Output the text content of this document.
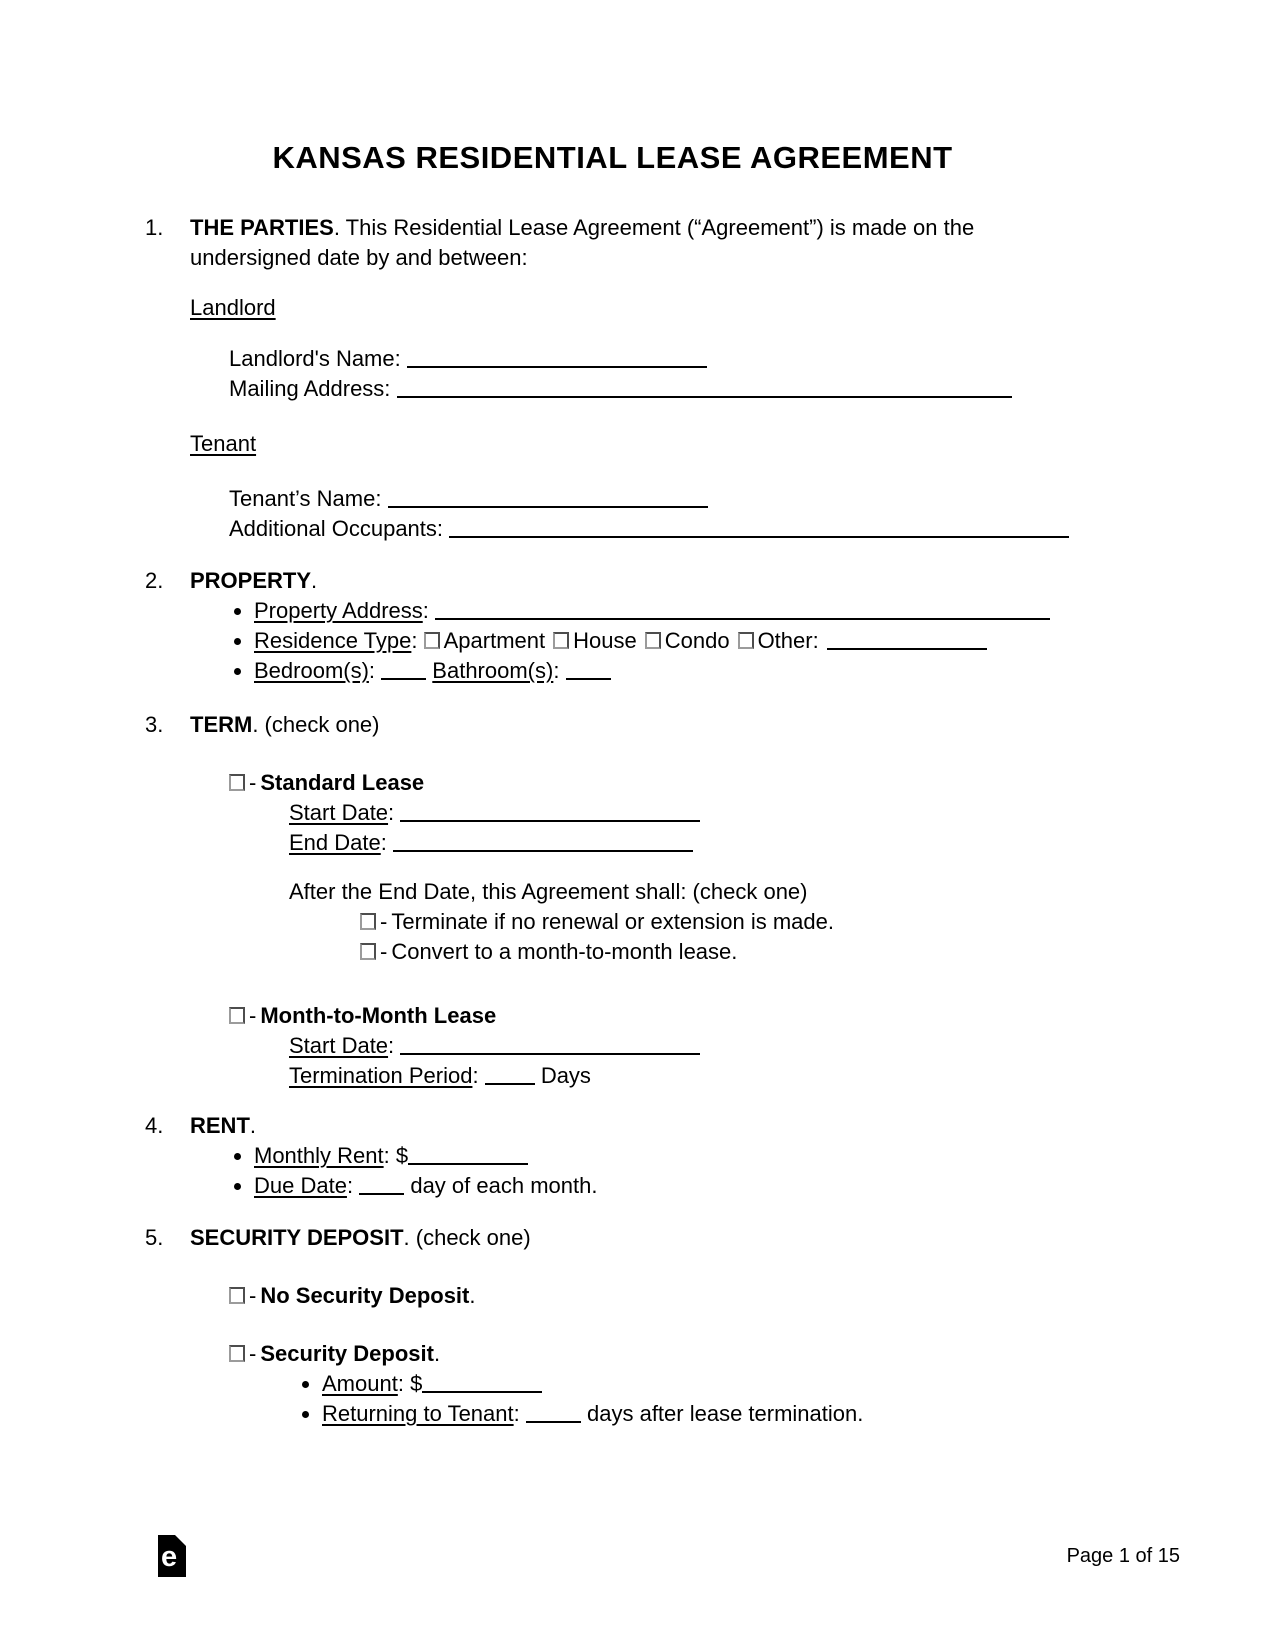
KANSAS RESIDENTIAL LEASE AGREEMENT
1.	THE PARTIES. This Residential Lease Agreement (“Agreement”) is made on the undersigned date by and between:

Landlord

Landlord's Name:

Mailing Address:

Tenant

Tenant’s Name:

Additional Occupants:

2.	PROPERTY.

• Property Address:
• Residence Type: Apartment House Condo Other:
• Bedroom(s):	Bathroom(s):
3.	TERM. (check one)

- Standard Lease

Start Date:

End Date:

After the End Date, this Agreement shall: (check one)

- Terminate if no renewal or extension is made.

- Convert to a month-to-month lease.

- Month-to-Month Lease

Start Date:

Termination Period:	Days

4.	RENT.

• Monthly Rent: $
• Due Date:	day of each month.
5.	SECURITY DEPOSIT. (check one)

- No Security Deposit.

- Security Deposit.

• Amount: $
• Returning to Tenant:	days after lease termination.
e	Page 1 of 15
